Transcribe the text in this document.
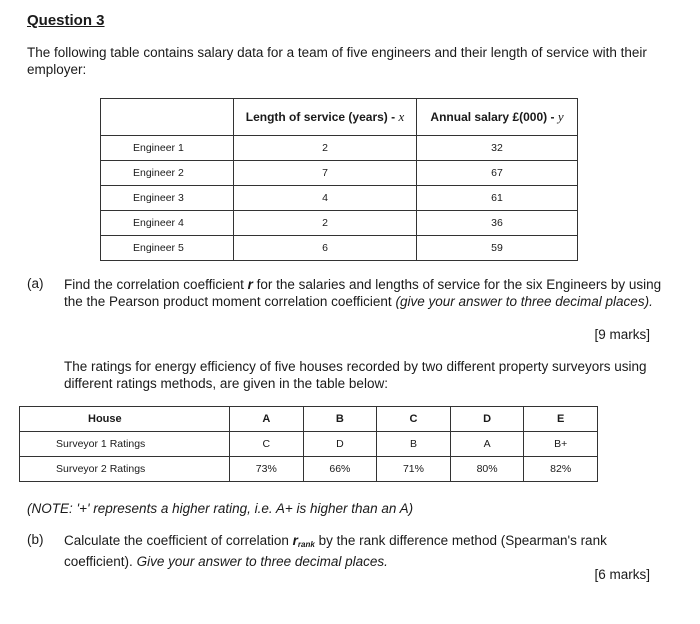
Question 3
The following table contains salary data for a team of five engineers and their length of service with their employer:
	Length of service (years) - x	Annual salary £(000) - y
Engineer 1	2	32
Engineer 2	7	67
Engineer 3	4	61
Engineer 4	2	36
Engineer 5	6	59
(a) Find the correlation coefficient r for the salaries and lengths of service for the six Engineers by using the the Pearson product moment correlation coefficient (give your answer to three decimal places).
[9 marks]
The ratings for energy efficiency of five houses recorded by two different property surveyors using different ratings methods, are given in the table below:
House	A	B	C	D	E
Surveyor 1 Ratings	C	D	B	A	B+
Surveyor 2 Ratings	73%	66%	71%	80%	82%
(NOTE: '+' represents a higher rating, i.e. A+ is higher than an A)
(b) Calculate the coefficient of correlation $r_{rank}$ by the rank difference method (Spearman's rank coefficient). Give your answer to three decimal places.
[6 marks]
